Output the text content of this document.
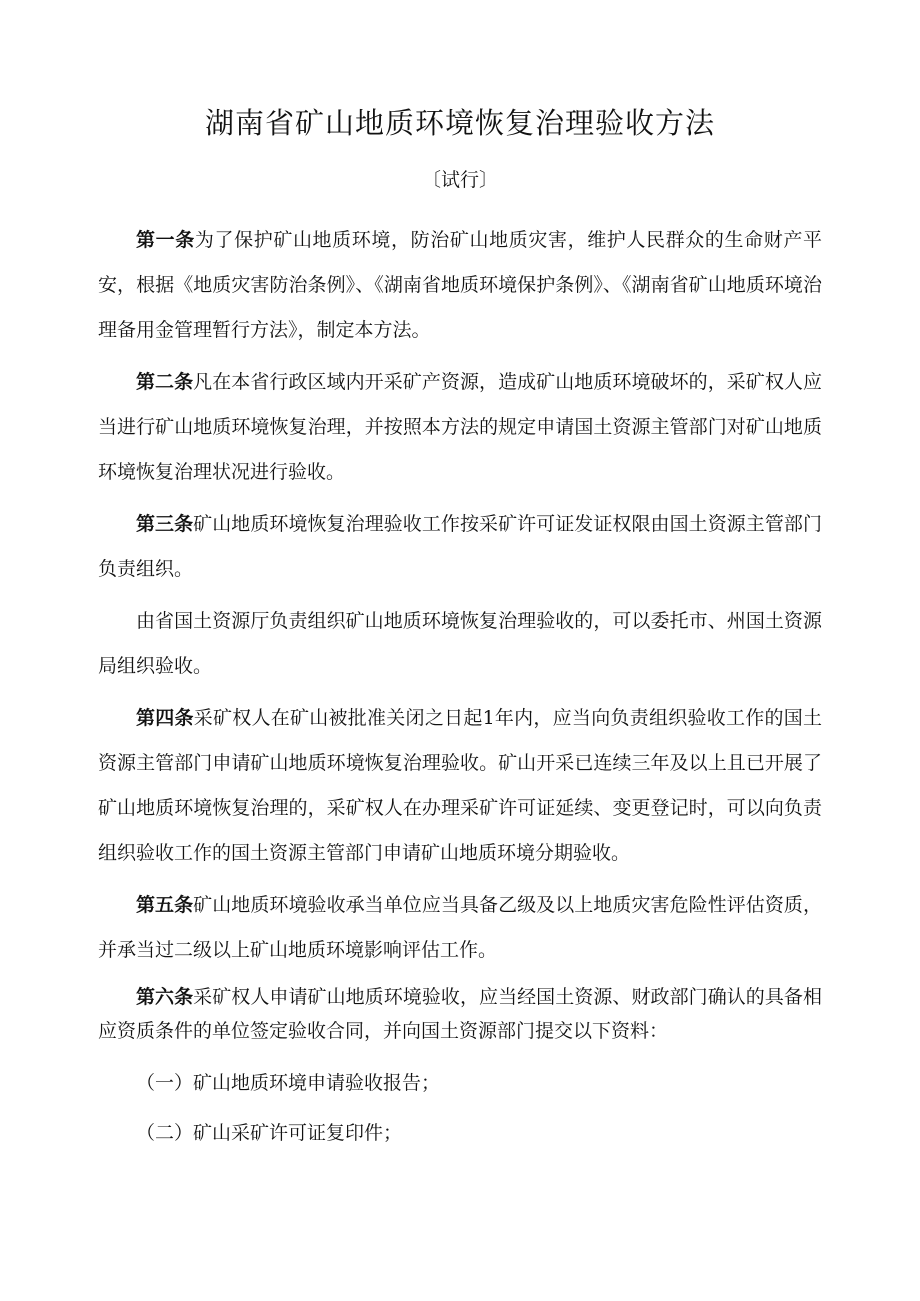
湖南省矿山地质环境恢复治理验收方法
〔试行〕

第一条为了保护矿山地质环境，防治矿山地质灾害，维护人民群众的生命财产平安，根据《地质灾害防治条例》、《湖南省地质环境保护条例》、《湖南省矿山地质环境治理备用金管理暂行方法》，制定本方法。

第二条凡在本省行政区域内开采矿产资源，造成矿山地质环境破坏的，采矿权人应当进行矿山地质环境恢复治理，并按照本方法的规定申请国土资源主管部门对矿山地质环境恢复治理状况进行验收。

第三条矿山地质环境恢复治理验收工作按采矿许可证发证权限由国土资源主管部门负责组织。

由省国土资源厅负责组织矿山地质环境恢复治理验收的，可以委托市、州国土资源局组织验收。

第四条采矿权人在矿山被批准关闭之日起1年内，应当向负责组织验收工作的国土资源主管部门申请矿山地质环境恢复治理验收。矿山开采已连续三年及以上且已开展了矿山地质环境恢复治理的，采矿权人在办理采矿许可证延续、变更登记时，可以向负责组织验收工作的国土资源主管部门申请矿山地质环境分期验收。

第五条矿山地质环境验收承当单位应当具备乙级及以上地质灾害危险性评估资质，并承当过二级以上矿山地质环境影响评估工作。

第六条采矿权人申请矿山地质环境验收，应当经国土资源、财政部门确认的具备相应资质条件的单位签定验收合同，并向国土资源部门提交以下资料：

（一）矿山地质环境申请验收报告；

（二）矿山采矿许可证复印件；
